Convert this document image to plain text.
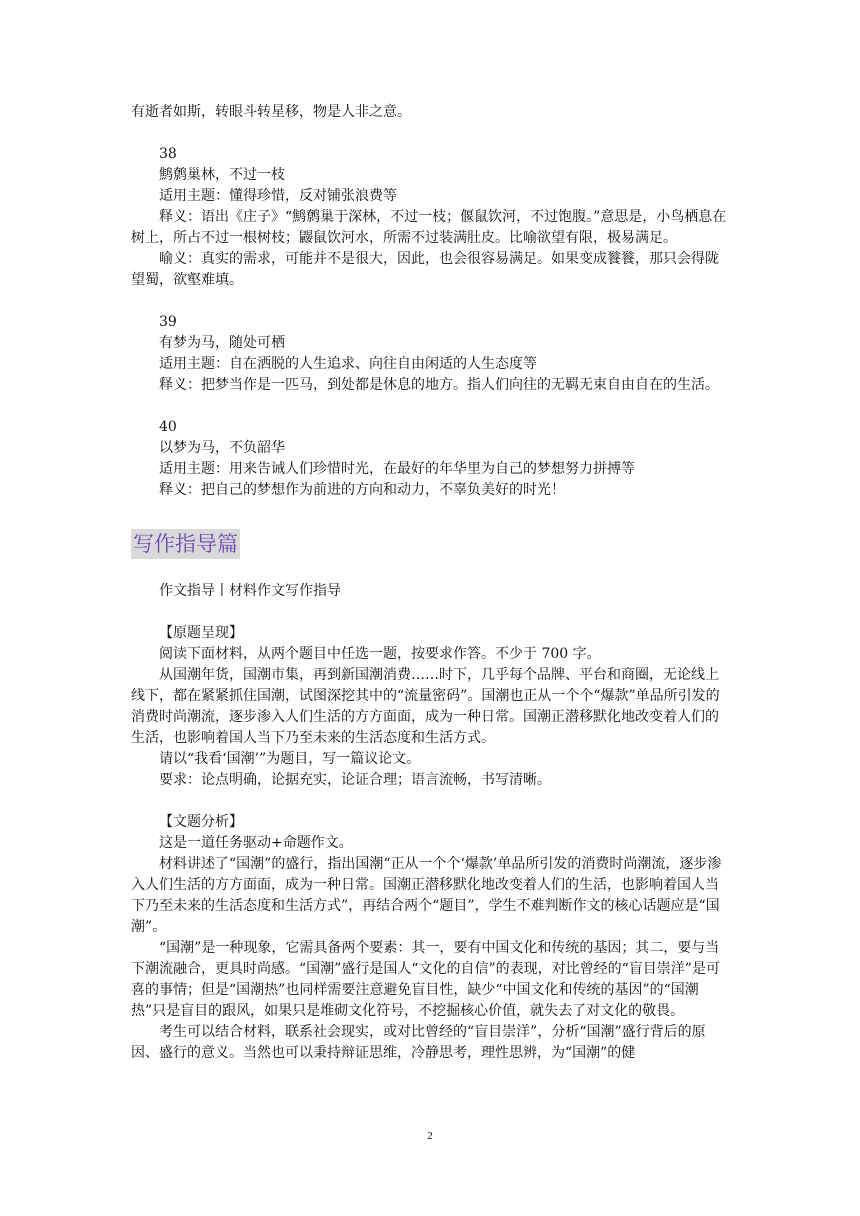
有逝者如斯，转眼斗转星移，物是人非之意。

38

鹪鹩巢林，不过一枝

适用主题：懂得珍惜，反对铺张浪费等

释义：语出《庄子》“鹪鹩巢于深林，不过一枝；偃鼠饮河，不过饱腹。”意思是，小鸟栖息在树上，所占不过一根树枝；鼹鼠饮河水，所需不过装满肚皮。比喻欲望有限，极易满足。

喻义：真实的需求，可能并不是很大，因此，也会很容易满足。如果变成餮餮，那只会得陇望蜀，欲壑难填。

39

有梦为马，随处可栖

适用主题：自在洒脱的人生追求、向往自由闲适的人生态度等

释义：把梦当作是一匹马，到处都是休息的地方。指人们向往的无羁无束自由自在的生活。

40

以梦为马，不负韶华

适用主题：用来告诫人们珍惜时光，在最好的年华里为自己的梦想努力拼搏等

释义：把自己的梦想作为前进的方向和动力，不辜负美好的时光！

写作指导篇

作文指导丨材料作文写作指导

【原题呈现】

阅读下面材料，从两个题目中任选一题，按要求作答。不少于 700 字。

从国潮年货，国潮市集，再到新国潮消费……时下，几乎每个品牌、平台和商圈，无论线上线下，都在紧紧抓住国潮，试图深挖其中的“流量密码”。国潮也正从一个个“爆款”单品所引发的消费时尚潮流，逐步渗入人们生活的方方面面，成为一种日常。国潮正潜移默化地改变着人们的生活，也影响着国人当下乃至未来的生活态度和生活方式。

请以“我看‘国潮’”为题目，写一篇议论文。

要求：论点明确，论据充实，论证合理；语言流畅，书写清晰。

【文题分析】

这是一道任务驱动+命题作文。

材料讲述了“国潮”的盛行，指出国潮“正从一个个‘爆款’单品所引发的消费时尚潮流，逐步渗入人们生活的方方面面，成为一种日常。国潮正潜移默化地改变着人们的生活，也影响着国人当下乃至未来的生活态度和生活方式”，再结合两个“题目”，学生不难判断作文的核心话题应是“国潮”。

“国潮”是一种现象，它需具备两个要素：其一，要有中国文化和传统的基因；其二，要与当下潮流融合，更具时尚感。“国潮”盛行是国人“文化的自信”的表现，对比曾经的“盲目崇洋”是可喜的事情；但是“国潮热”也同样需要注意避免盲目性，缺少“中国文化和传统的基因”的“国潮热”只是盲目的跟风，如果只是堆砌文化符号，不挖掘核心价值，就失去了对文化的敬畏。

考生可以结合材料，联系社会现实，或对比曾经的“盲目崇洋”，分析“国潮”盛行背后的原因、盛行的意义。当然也可以秉持辩证思维，冷静思考，理性思辨，为“国潮”的健

2
